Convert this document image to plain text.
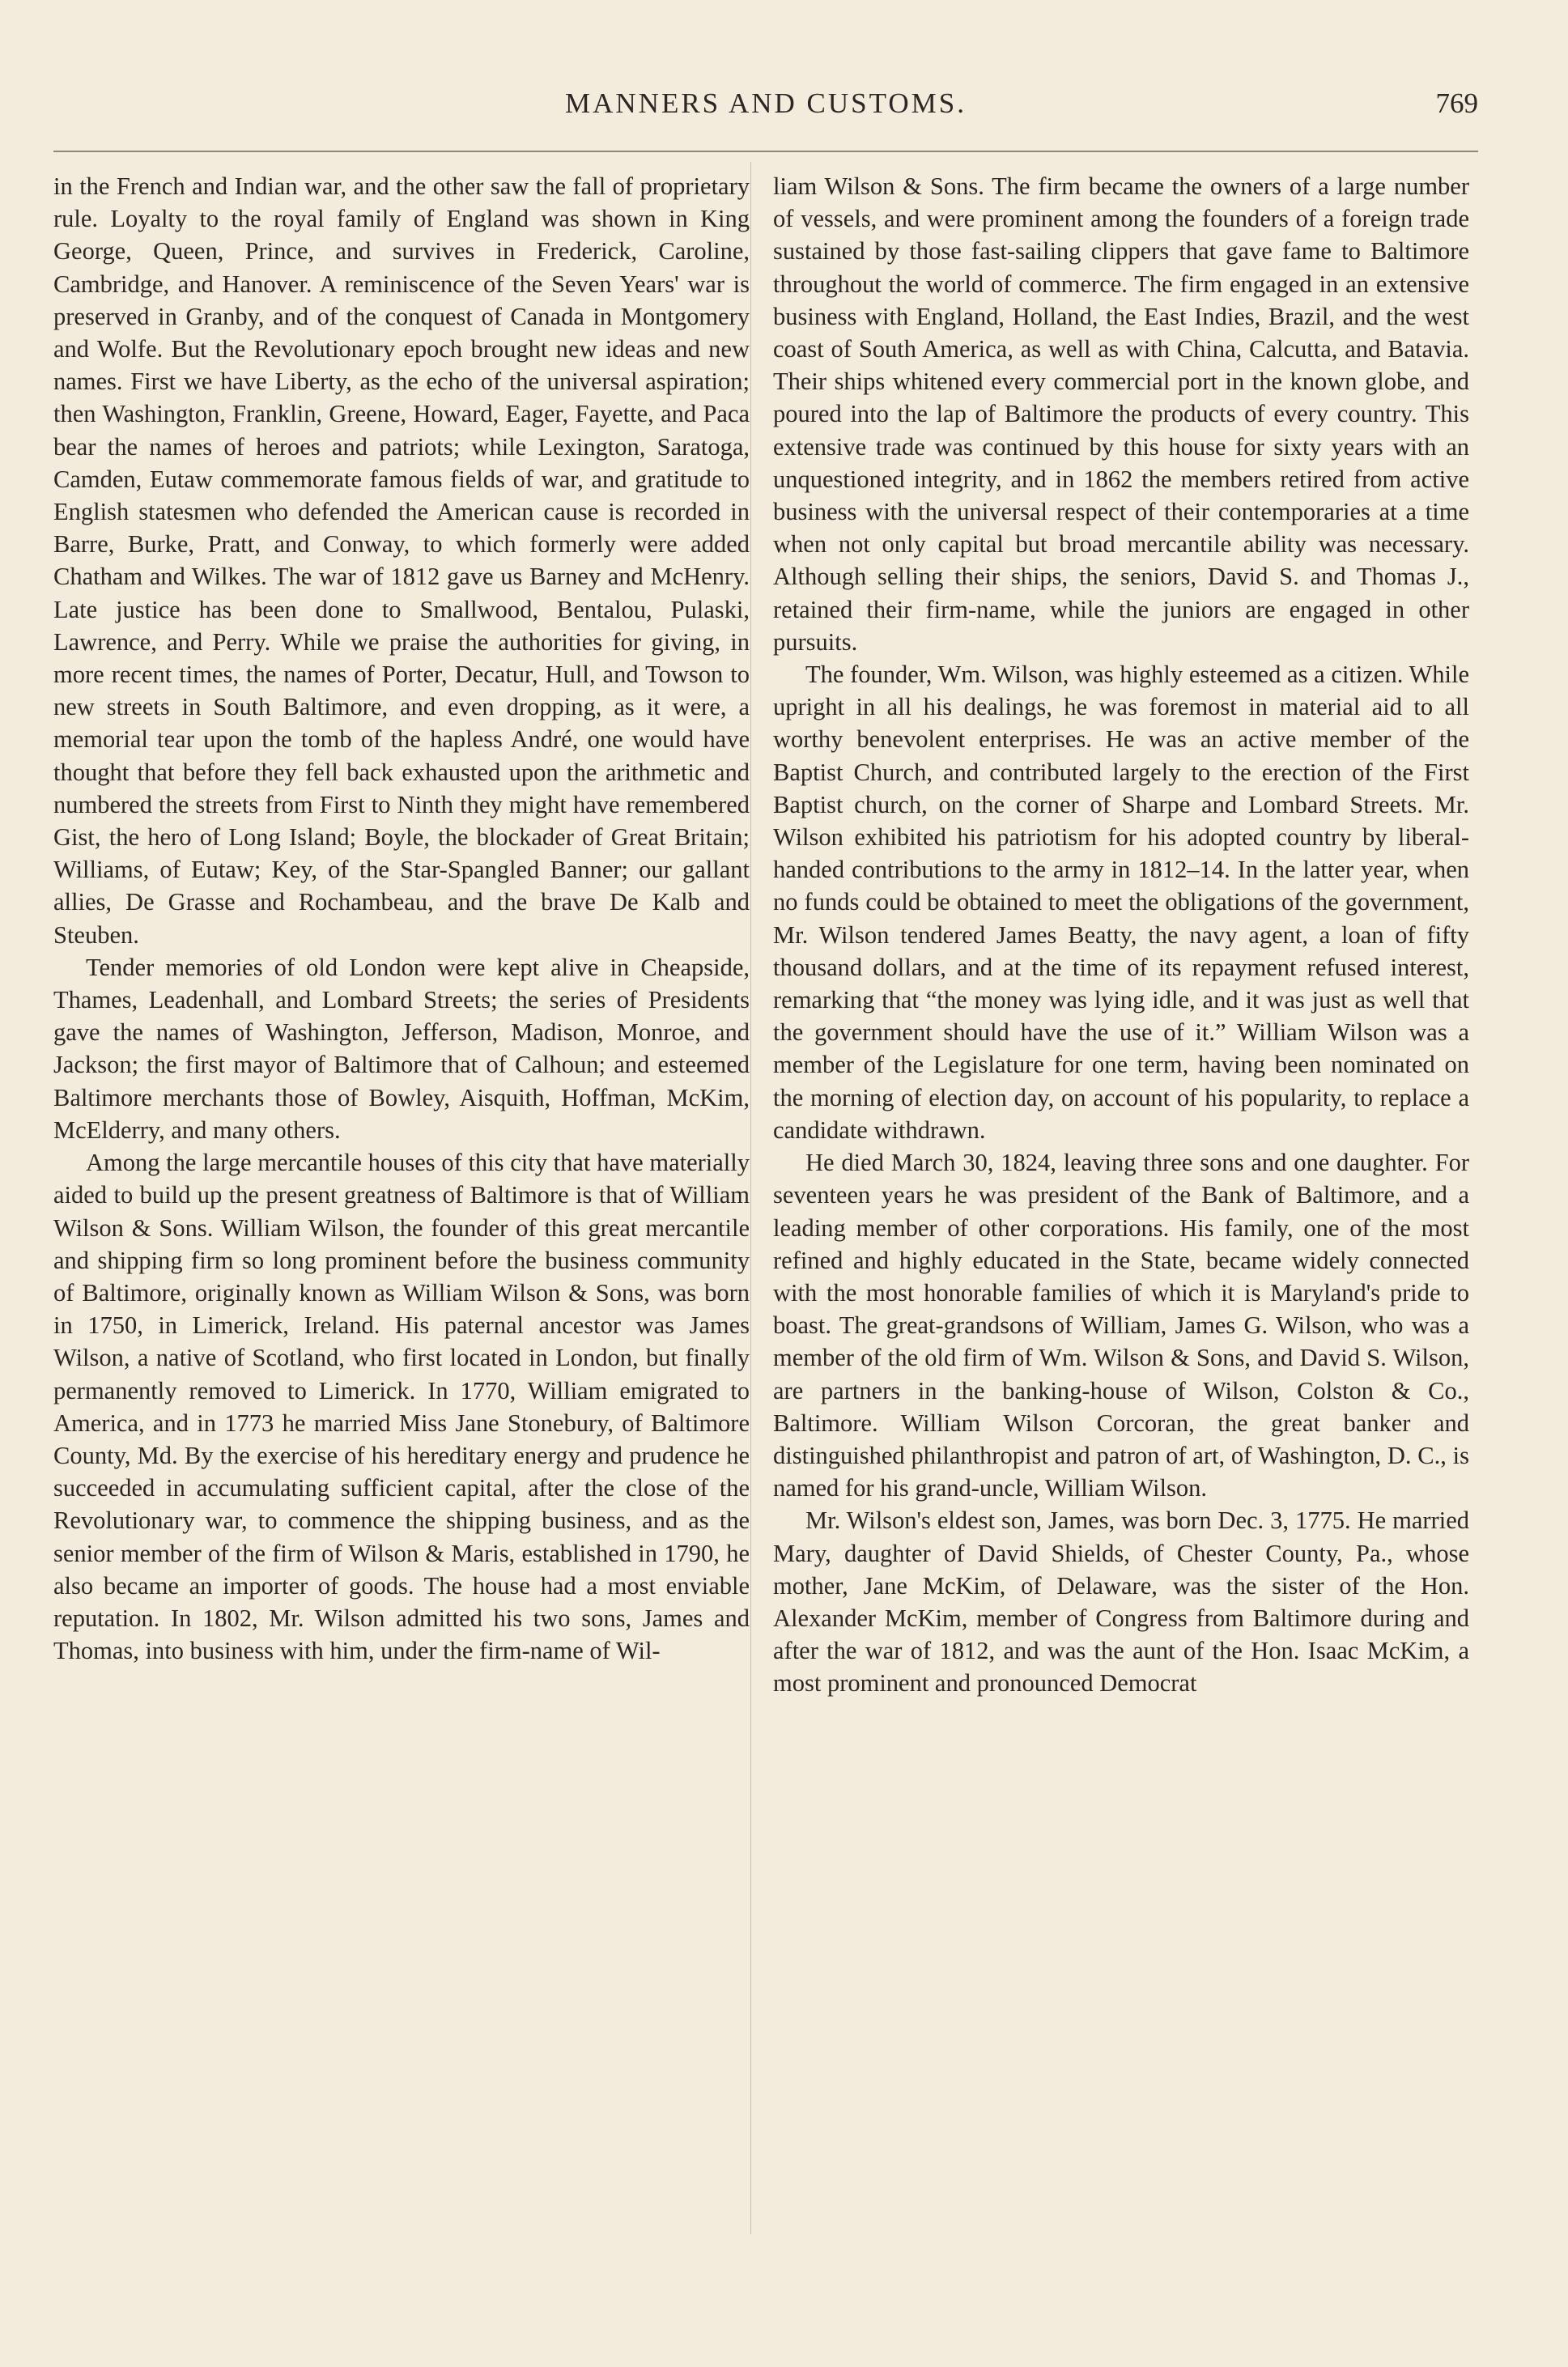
MANNERS AND CUSTOMS.	769

in the French and Indian war, and the other saw the fall of proprietary rule. Loyalty to the royal family of England was shown in King George, Queen, Prince, and survives in Frederick, Caroline, Cambridge, and Hanover. A reminiscence of the Seven Years' war is preserved in Granby, and of the conquest of Canada in Montgomery and Wolfe. But the Revolutionary epoch brought new ideas and new names. First we have Liberty, as the echo of the universal aspiration; then Washington, Franklin, Greene, Howard, Eager, Fayette, and Paca bear the names of heroes and patriots; while Lexington, Saratoga, Camden, Eutaw commemorate famous fields of war, and gratitude to English statesmen who defended the American cause is recorded in Barre, Burke, Pratt, and Conway, to which formerly were added Chatham and Wilkes. The war of 1812 gave us Barney and McHenry. Late justice has been done to Smallwood, Bentalou, Pulaski, Lawrence, and Perry. While we praise the authorities for giving, in more recent times, the names of Porter, Decatur, Hull, and Towson to new streets in South Baltimore, and even dropping, as it were, a memorial tear upon the tomb of the hapless André, one would have thought that before they fell back exhausted upon the arithmetic and numbered the streets from First to Ninth they might have remembered Gist, the hero of Long Island; Boyle, the blockader of Great Britain; Williams, of Eutaw; Key, of the Star-Spangled Banner; our gallant allies, De Grasse and Rochambeau, and the brave De Kalb and Steuben.

Tender memories of old London were kept alive in Cheapside, Thames, Leadenhall, and Lombard Streets; the series of Presidents gave the names of Washington, Jefferson, Madison, Monroe, and Jackson; the first mayor of Baltimore that of Calhoun; and esteemed Baltimore merchants those of Bowley, Aisquith, Hoffman, McKim, McElderry, and many others.

Among the large mercantile houses of this city that have materially aided to build up the present greatness of Baltimore is that of William Wilson & Sons. William Wilson, the founder of this great mercantile and shipping firm so long prominent before the business community of Baltimore, originally known as William Wilson & Sons, was born in 1750, in Limerick, Ireland. His paternal ancestor was James Wilson, a native of Scotland, who first located in London, but finally permanently removed to Limerick. In 1770, William emigrated to America, and in 1773 he married Miss Jane Stonebury, of Baltimore County, Md. By the exercise of his hereditary energy and prudence he succeeded in accumulating sufficient capital, after the close of the Revolutionary war, to commence the shipping business, and as the senior member of the firm of Wilson & Maris, established in 1790, he also became an importer of goods. The house had a most enviable reputation. In 1802, Mr. Wilson admitted his two sons, James and Thomas, into business with him, under the firm-name of Wil-

liam Wilson & Sons. The firm became the owners of a large number of vessels, and were prominent among the founders of a foreign trade sustained by those fast-sailing clippers that gave fame to Baltimore throughout the world of commerce. The firm engaged in an extensive business with England, Holland, the East Indies, Brazil, and the west coast of South America, as well as with China, Calcutta, and Batavia. Their ships whitened every commercial port in the known globe, and poured into the lap of Baltimore the products of every country. This extensive trade was continued by this house for sixty years with an unquestioned integrity, and in 1862 the members retired from active business with the universal respect of their contemporaries at a time when not only capital but broad mercantile ability was necessary. Although selling their ships, the seniors, David S. and Thomas J., retained their firm-name, while the juniors are engaged in other pursuits.

The founder, Wm. Wilson, was highly esteemed as a citizen. While upright in all his dealings, he was foremost in material aid to all worthy benevolent enterprises. He was an active member of the Baptist Church, and contributed largely to the erection of the First Baptist church, on the corner of Sharpe and Lombard Streets. Mr. Wilson exhibited his patriotism for his adopted country by liberal-handed contributions to the army in 1812–14. In the latter year, when no funds could be obtained to meet the obligations of the government, Mr. Wilson tendered James Beatty, the navy agent, a loan of fifty thousand dollars, and at the time of its repayment refused interest, remarking that “the money was lying idle, and it was just as well that the government should have the use of it.” William Wilson was a member of the Legislature for one term, having been nominated on the morning of election day, on account of his popularity, to replace a candidate withdrawn.

He died March 30, 1824, leaving three sons and one daughter. For seventeen years he was president of the Bank of Baltimore, and a leading member of other corporations. His family, one of the most refined and highly educated in the State, became widely connected with the most honorable families of which it is Maryland's pride to boast. The great-grandsons of William, James G. Wilson, who was a member of the old firm of Wm. Wilson & Sons, and David S. Wilson, are partners in the banking-house of Wilson, Colston & Co., Baltimore. William Wilson Corcoran, the great banker and distinguished philanthropist and patron of art, of Washington, D. C., is named for his grand-uncle, William Wilson.

Mr. Wilson's eldest son, James, was born Dec. 3, 1775. He married Mary, daughter of David Shields, of Chester County, Pa., whose mother, Jane McKim, of Delaware, was the sister of the Hon. Alexander McKim, member of Congress from Baltimore during and after the war of 1812, and was the aunt of the Hon. Isaac McKim, a most prominent and pronounced Democrat
